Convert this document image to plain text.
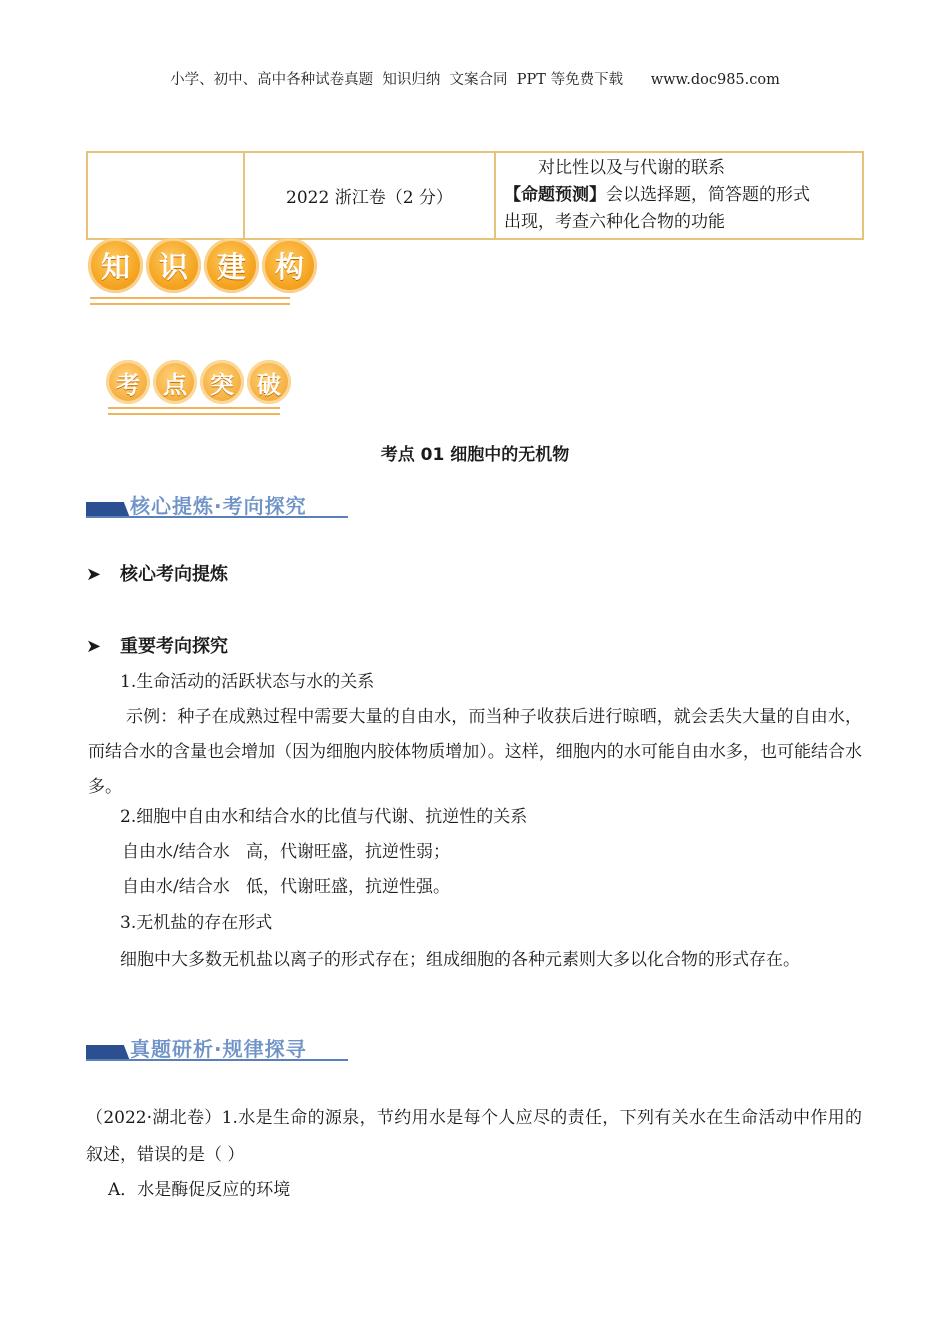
小学、初中、高中各种试卷真题  知识归纳  文案合同  PPT 等免费下载      www.doc985.com
	2022 浙江卷（2 分）	
对比性以及与代谢的联系
【命题预测】会以选择题，简答题的形式
出现，考查六种化合物的功能
知 识 建 构
考 点 突 破
考点 01 细胞中的无机物
核心提炼·考向探究
➤ 核心考向提炼
➤ 重要考向探究
1.生命活动的活跃状态与水的关系
示例：种子在成熟过程中需要大量的自由水，而当种子收获后进行晾晒，就会丢失大量的自由水，而结合水的含量也会增加（因为细胞内胶体物质增加）。这样，细胞内的水可能自由水多，也可能结合水多。
2.细胞中自由水和结合水的比值与代谢、抗逆性的关系
自由水/结合水   高，代谢旺盛，抗逆性弱；
自由水/结合水   低，代谢旺盛，抗逆性强。
3.无机盐的存在形式
细胞中大多数无机盐以离子的形式存在；组成细胞的各种元素则大多以化合物的形式存在。
真题研析·规律探寻
（2022·湖北卷）1.水是生命的源泉，节约用水是每个人应尽的责任，下列有关水在生命活动中作用的叙述，错误的是（ ）
A．水是酶促反应的环境
